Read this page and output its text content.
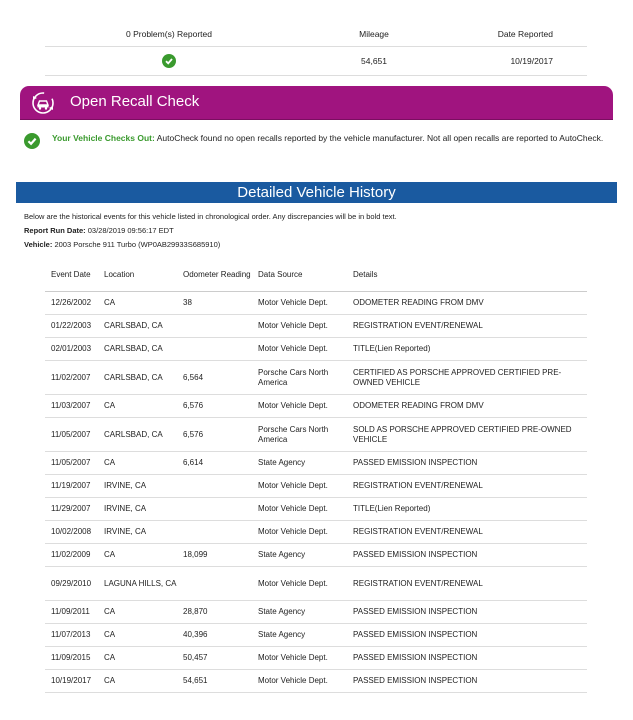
0 Problem(s) Reported	Mileage	Date Reported

	54,651	10/19/2017
Open Recall Check
Your Vehicle Checks Out: AutoCheck found no open recalls reported by the vehicle manufacturer. Not all open recalls are reported to AutoCheck.
Detailed Vehicle History
Below are the historical events for this vehicle listed in chronological order. Any discrepancies will be in bold text.
Report Run Date: 03/28/2019 09:56:17 EDT
Vehicle: 2003 Porsche 911 Turbo (WP0AB29933S685910)
Event Date	Location	Odometer Reading	Data Source	Details
12/26/2002	CA	38	Motor Vehicle Dept.	ODOMETER READING FROM DMV
01/22/2003	CARLSBAD, CA		Motor Vehicle Dept.	REGISTRATION EVENT/RENEWAL
02/01/2003	CARLSBAD, CA		Motor Vehicle Dept.	TITLE(Lien Reported)
11/02/2007	CARLSBAD, CA	6,564	Porsche Cars North America	CERTIFIED AS PORSCHE APPROVED CERTIFIED PRE-OWNED VEHICLE
11/03/2007	CA	6,576	Motor Vehicle Dept.	ODOMETER READING FROM DMV
11/05/2007	CARLSBAD, CA	6,576	Porsche Cars North America	SOLD AS PORSCHE APPROVED CERTIFIED PRE-OWNED VEHICLE
11/05/2007	CA	6,614	State Agency	PASSED EMISSION INSPECTION
11/19/2007	IRVINE, CA		Motor Vehicle Dept.	REGISTRATION EVENT/RENEWAL
11/29/2007	IRVINE, CA		Motor Vehicle Dept.	TITLE(Lien Reported)
10/02/2008	IRVINE, CA		Motor Vehicle Dept.	REGISTRATION EVENT/RENEWAL
11/02/2009	CA	18,099	State Agency	PASSED EMISSION INSPECTION
09/29/2010	LAGUNA HILLS, CA		Motor Vehicle Dept.	REGISTRATION EVENT/RENEWAL
11/09/2011	CA	28,870	State Agency	PASSED EMISSION INSPECTION
11/07/2013	CA	40,396	State Agency	PASSED EMISSION INSPECTION
11/09/2015	CA	50,457	Motor Vehicle Dept.	PASSED EMISSION INSPECTION
10/19/2017	CA	54,651	Motor Vehicle Dept.	PASSED EMISSION INSPECTION
